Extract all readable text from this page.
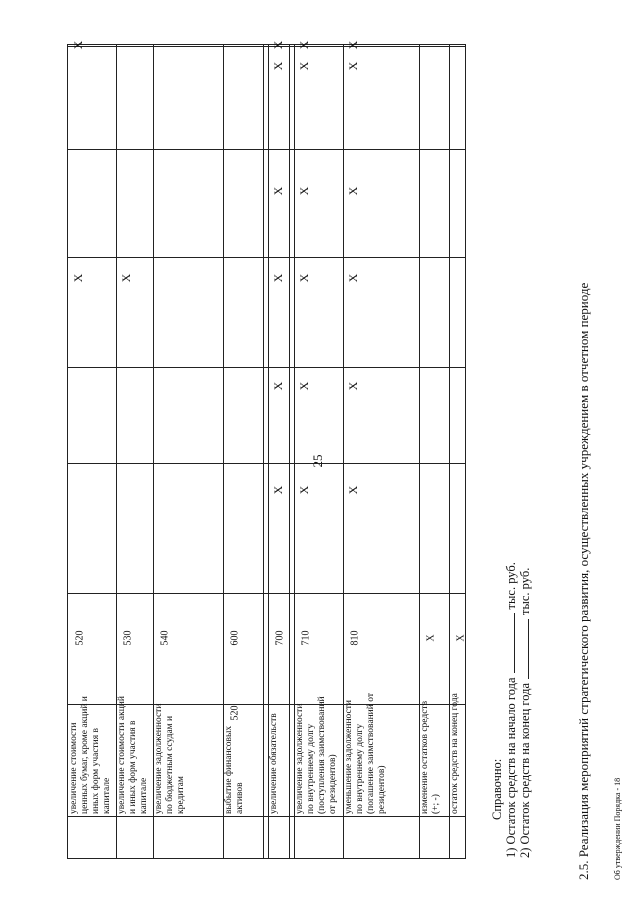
25
увеличение стоимости ценных бумаг, кроме акций и иных форм участия в капитале
520
X
X
увеличение стоимости акций и иных форм участия в капитале
530
X
увеличение задолженности по бюджетным ссудам и кредитам
540
выбытие финансовых активов
600
520
увеличение обязательств
700
X
X
X
X
X
X
увеличение задолженности по внутреннему долгу (поступления заимствований от резидентов)
710
X
X
X
X
X
X
уменьшение задолженности по внутреннему долгу (погашение заимствований от резидентов)
810
X
X
X
X
X
X
изменение остатков средств (+; -)
X
остаток средств на конец года
X
Справочно: 1) Остаток средств на начало годатыс. руб.
2) Остаток средств на конец годатыс. руб.	2.5. Реализация мероприятий стратегического развития, осуществленных учреждением в отчетном периоде	Об утверждении Порядка - 18
